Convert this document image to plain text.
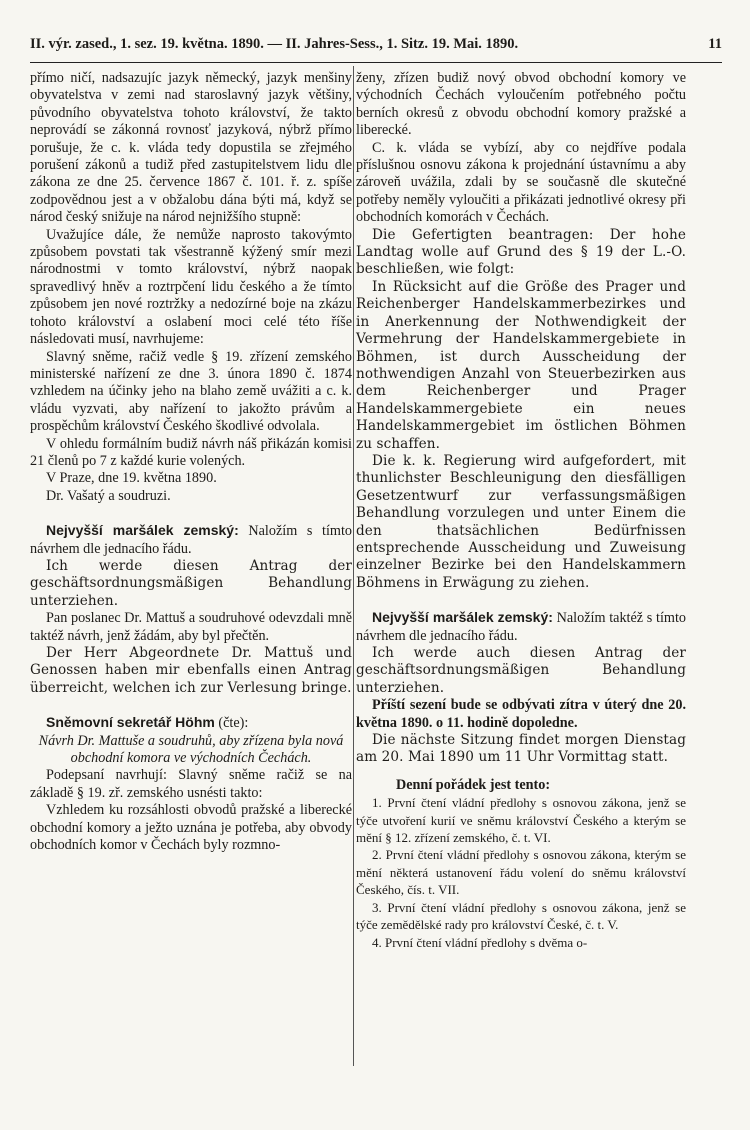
II. výr. zased., 1. sez. 19. května. 1890. — II. Jahres-Sess., 1. Sitz. 19. Mai. 1890.	11

přímo ničí, nadsazujíc jazyk německý, jazyk menšiny obyvatelstva v zemi nad staroslavný jazyk většiny, původního obyvatelstva tohoto království, že takto neprovádí se zákonná rovnosť jazyková, nýbrž přímo porušuje, že c. k. vláda tedy dopustila se zřejmého porušení zákonů a tudiž před zastupitelstvem lidu dle zákona ze dne 25. července 1867 č. 101. ř. z. spíše zodpovědnou jest a v obžalobu dána býti má, když se národ český snižuje na národ nejnižšího stupně:

Uvažujíce dále, že nemůže naprosto takovýmto způsobem povstati tak všestranně kýžený smír mezi národnostmi v tomto království, nýbrž naopak spravedlivý hněv a roztrpčení lidu českého a že tímto způsobem jen nové roztržky a nedozírné boje na zkázu tohoto království a oslabení moci celé této říše následovati musí, navrhujeme:

Slavný sněme, račiž vedle § 19. zřízení zemského ministerské nařízení ze dne 3. února 1890 č. 1874 vzhledem na účinky jeho na blaho země uvážiti a c. k. vládu vyzvati, aby nařízení to jakožto právům a prospěchům království Českého škodlivé odvolala.

V ohledu formálním budiž návrh náš přikázán komisi 21 členů po 7 z každé kurie volených.

V Praze, dne 19. května 1890.

Dr. Vašatý a soudruzi.

Nejvyšší maršálek zemský: Naložím s tímto návrhem dle jednacího řádu.

Ich werde diesen Antrag der geschäftsordnungsmäßigen Behandlung unterziehen.

Pan poslanec Dr. Mattuš a soudruhové odevzdali mně taktéž návrh, jenž žádám, aby byl přečtěn.

Der Herr Abgeordnete Dr. Mattuš und Genossen haben mir ebenfalls einen Antrag überreicht, welchen ich zur Verlesung bringe.

Sněmovní sekretář Höhm (čte):

Návrh Dr. Mattuše a soudruhů, aby zřízena byla nová obchodní komora ve východních Čechách.

Podepsaní navrhují: Slavný sněme račiž se na základě § 19. zř. zemského usnésti takto:

Vzhledem ku rozsáhlosti obvodů pražské a liberecké obchodní komory a ježto uznána je potřeba, aby obvody obchodních komor v Čechách byly rozmno-

ženy, zřízen budiž nový obvod obchodní komory ve východních Čechách vyloučením potřebného počtu berních okresů z obvodu obchodní komory pražské a liberecké.

C. k. vláda se vybízí, aby co nejdříve podala příslušnou osnovu zákona k projednání ústavnímu a aby zároveň uvážila, zdali by se současně dle skutečné potřeby neměly vyloučiti a přikázati jednotlivé okresy při obchodních komorách v Čechách.

Die Gefertigten beantragen: Der hohe Landtag wolle auf Grund des § 19 der L.-O. beschließen, wie folgt:

In Rücksicht auf die Größe des Prager und Reichenberger Handelskammerbezirkes und in Anerkennung der Nothwendigkeit der Vermehrung der Handelskammergebiete in Böhmen, ist durch Ausscheidung der nothwendigen Anzahl von Steuerbezirken aus dem Reichenberger und Prager Handelskammergebiete ein neues Handelskammergebiet im östlichen Böhmen zu schaffen.

Die k. k. Regierung wird aufgefordert, mit thunlichster Beschleunigung den diesfälligen Gesetzentwurf zur verfassungsmäßigen Behandlung vorzulegen und unter Einem die den thatsächlichen Bedürfnissen entsprechende Ausscheidung und Zuweisung einzelner Bezirke bei den Handelskammern Böhmens in Erwägung zu ziehen.

Nejvyšší maršálek zemský: Naložím taktéž s tímto návrhem dle jednacího řádu.

Ich werde auch diesen Antrag der geschäftsordnungsmäßigen Behandlung unterziehen.

Příští sezení bude se odbývati zítra v úterý dne 20. května 1890. o 11. hodině dopoledne.

Die nächste Sitzung findet morgen Dienstag am 20. Mai 1890 um 11 Uhr Vormittag statt.

Denní pořádek jest tento:

1. První čtení vládní předlohy s osnovou zákona, jenž se týče utvoření kurií ve sněmu království Českého a kterým se mění § 12. zřízení zemského, č. t. VI.

2. První čtení vládní předlohy s osnovou zákona, kterým se mění některá ustanovení řádu volení do sněmu království Českého, čís. t. VII.

3. První čtení vládní předlohy s osnovou zákona, jenž se týče zemědělské rady pro království České, č. t. V.

4. První čtení vládní předlohy s dvěma o-
